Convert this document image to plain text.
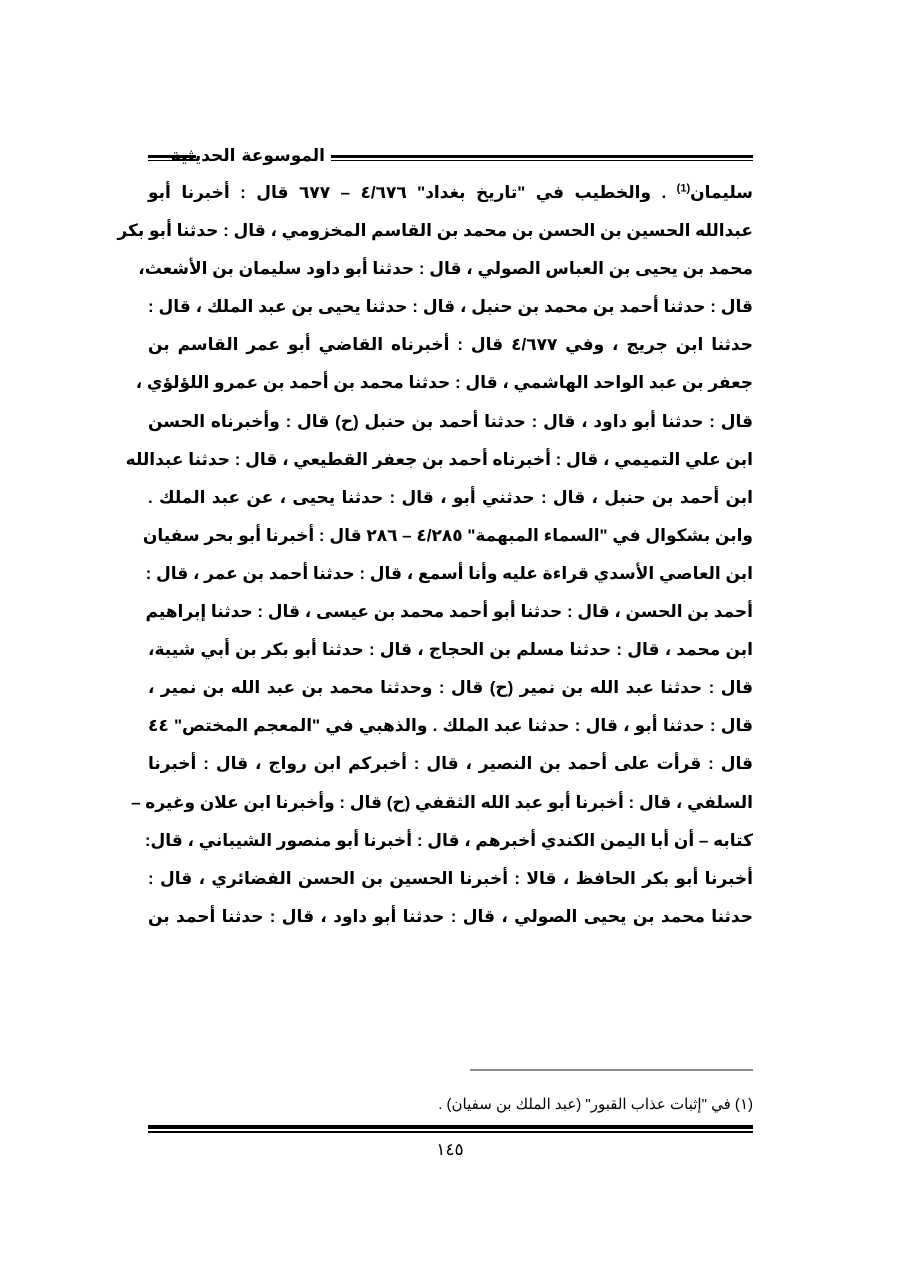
الموسوعة الحديثية
سليمان$^{(1)}$ . والخطيب في "تاريخ بغداد" ٤/٦٧٦ – ٦٧٧ قال : أخبرنا أبو
عبدالله الحسين بن الحسن بن محمد بن القاسم المخزومي ، قال : حدثنا أبو بكر
محمد بن يحيى بن العباس الصولي ، قال : حدثنا أبو داود سليمان بن الأشعث،
قال : حدثنا أحمد بن محمد بن حنبل ، قال : حدثنا يحيى بن عبد الملك ، قال :
حدثنا ابن جريج ، وفي ٤/٦٧٧ قال : أخبرناه القاضي أبو عمر القاسم بن
جعفر بن عبد الواحد الهاشمي ، قال : حدثنا محمد بن أحمد بن عمرو اللؤلؤي ،
قال : حدثنا أبو داود ، قال : حدثنا أحمد بن حنبل (ح) قال : وأخبرناه الحسن
ابن علي التميمي ، قال : أخبرناه أحمد بن جعفر القطيعي ، قال : حدثنا عبدالله
ابن أحمد بن حنبل ، قال : حدثني أبو ، قال : حدثنا يحيى ، عن عبد الملك .
وابن بشكوال في "السماء المبهمة" ٤/٢٨٥ – ٢٨٦ قال : أخبرنا أبو بحر سفيان
ابن العاصي الأسدي قراءة عليه وأنا أسمع ، قال : حدثنا أحمد بن عمر ، قال :
أحمد بن الحسن ، قال : حدثنا أبو أحمد محمد بن عيسى ، قال : حدثنا إبراهيم
ابن محمد ، قال : حدثنا مسلم بن الحجاج ، قال : حدثنا أبو بكر بن أبي شيبة،
قال : حدثنا عبد الله بن نمير (ح) قال : وحدثنا محمد بن عبد الله بن نمير ،
قال : حدثنا أبو ، قال : حدثنا عبد الملك . والذهبي في "المعجم المختص" ٤٤
قال : قرأت على أحمد بن النصير ، قال : أخبركم ابن رواج ، قال : أخبرنا
السلفي ، قال : أخبرنا أبو عبد الله الثقفي (ح) قال : وأخبرنا ابن علان وغيره –
كتابه – أن أبا اليمن الكندي أخبرهم ، قال : أخبرنا أبو منصور الشيباني ، قال:
أخبرنا أبو بكر الحافظ ، قالا : أخبرنا الحسين بن الحسن الفضائري ، قال :
حدثنا محمد بن يحيى الصولي ، قال : حدثنا أبو داود ، قال : حدثنا أحمد بن
(١) في "إثبات عذاب القبور" (عبد الملك بن سفيان) .
١٤٥
